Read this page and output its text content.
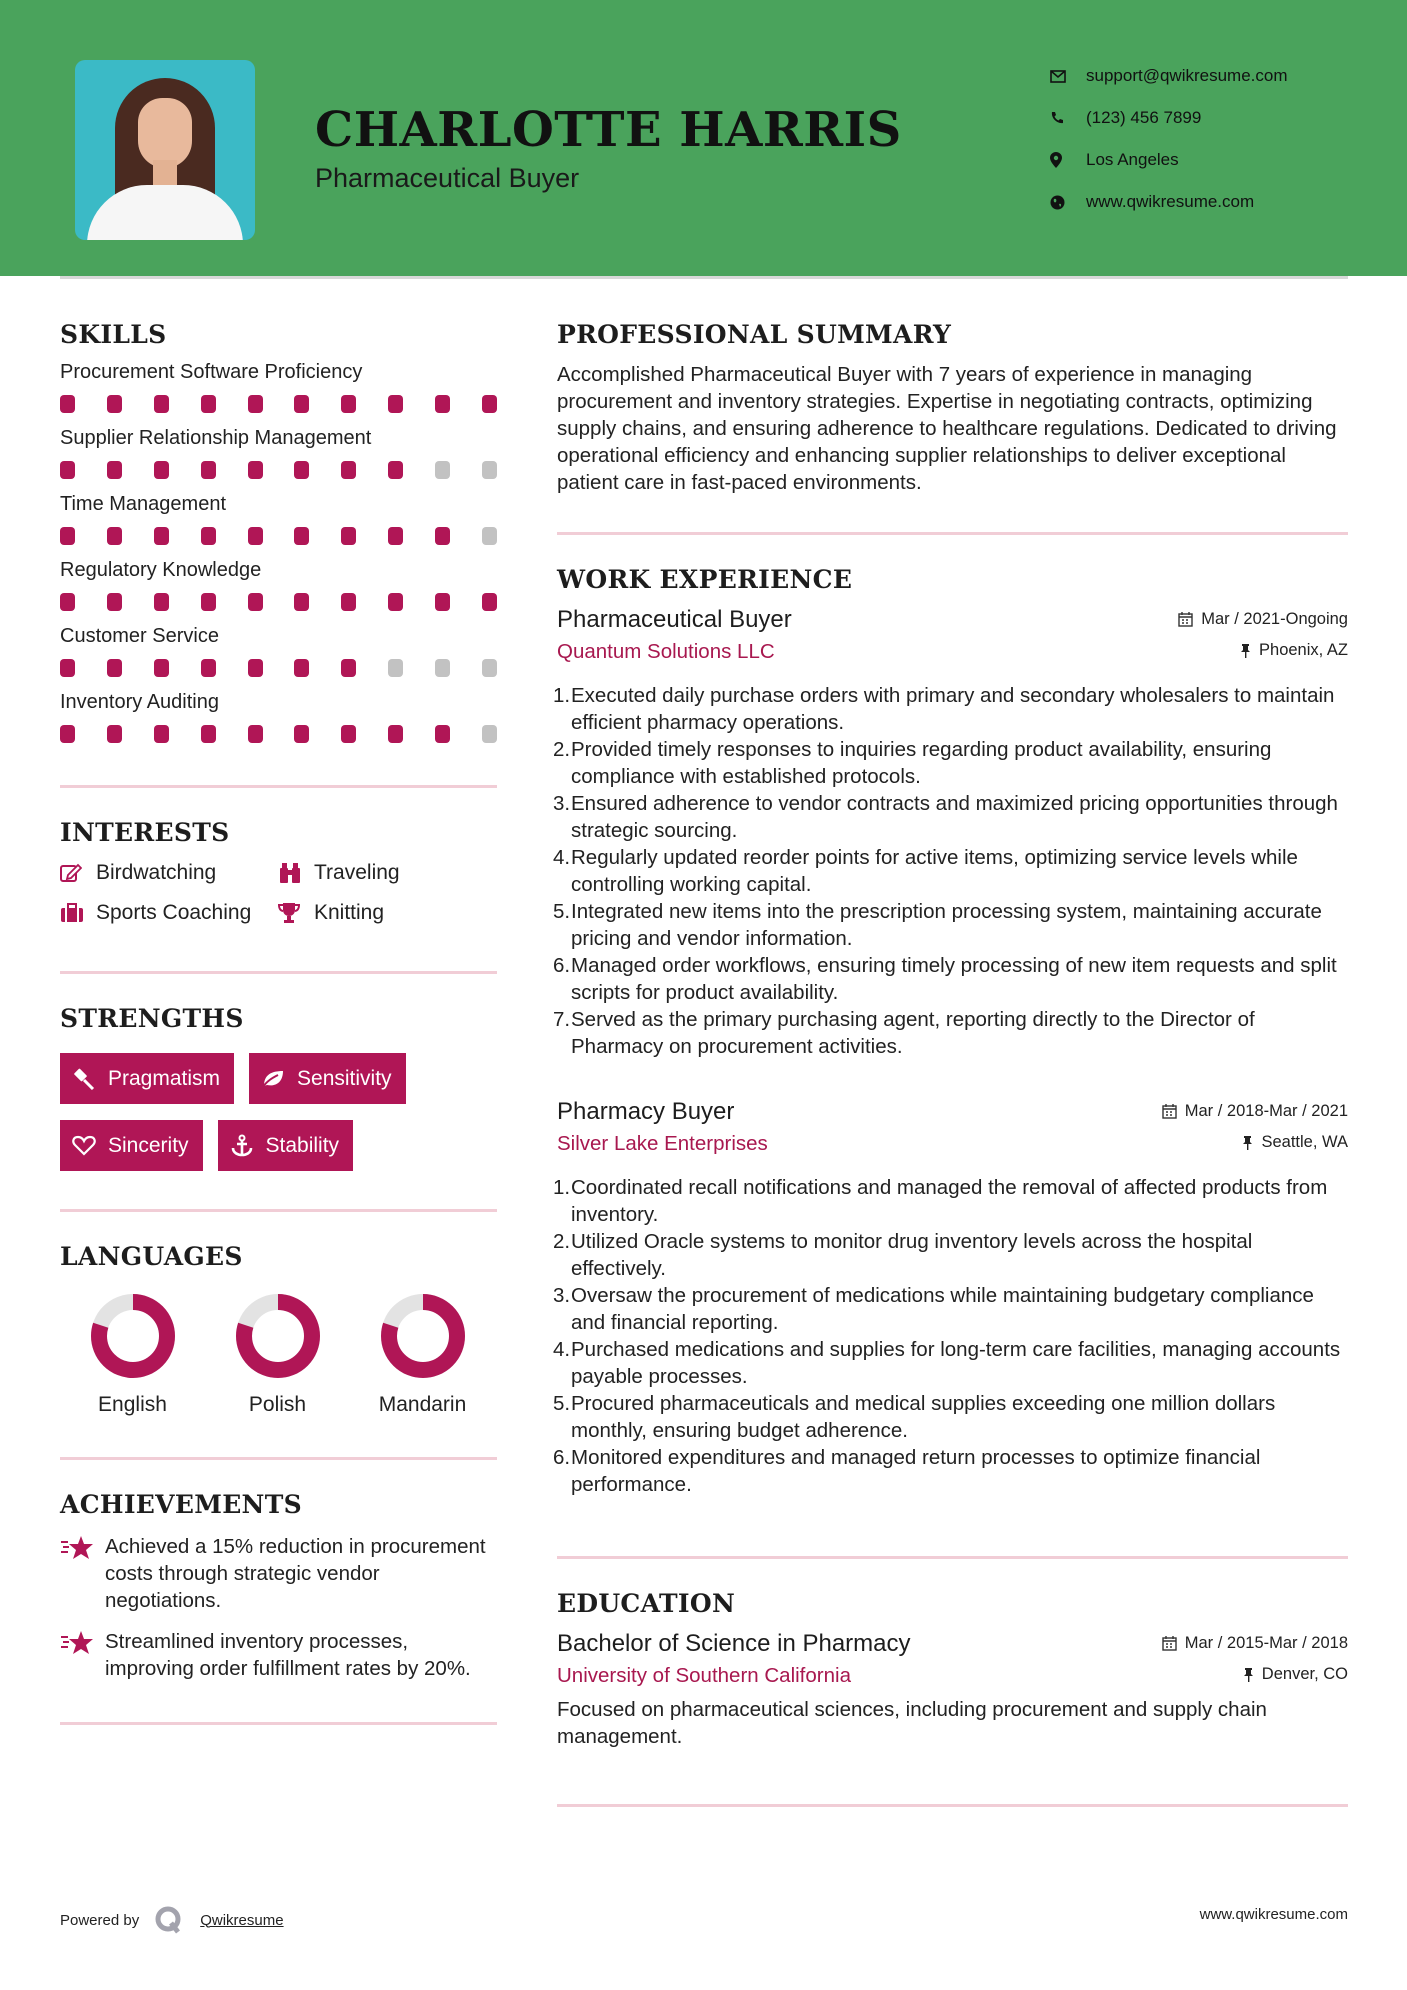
CHARLOTTE HARRIS
Pharmaceutical Buyer
support@qwikresume.com
(123) 456 7899
Los Angeles
www.qwikresume.com
SKILLS
Procurement Software Proficiency
Supplier Relationship Management
Time Management
Regulatory Knowledge
Customer Service
Inventory Auditing
INTERESTS
Birdwatching	Traveling
Sports Coaching	Knitting
STRENGTHS
Pragmatism	Sensitivity
Sincerity	Stability
LANGUAGES
English	Polish	Mandarin
ACHIEVEMENTS
Achieved a 15% reduction in procurement costs through strategic vendor negotiations.
Streamlined inventory processes, improving order fulfillment rates by 20%.
PROFESSIONAL SUMMARY

Accomplished Pharmaceutical Buyer with 7 years of experience in managing procurement and inventory strategies. Expertise in negotiating contracts, optimizing supply chains, and ensuring adherence to healthcare regulations. Dedicated to driving operational efficiency and enhancing supplier relationships to deliver exceptional patient care in fast-paced environments.

WORK EXPERIENCE
Pharmaceutical Buyer	Mar / 2021-Ongoing
Quantum Solutions LLC	Phoenix, AZ
1. Executed daily purchase orders with primary and secondary wholesalers to maintain efficient pharmacy operations.
2. Provided timely responses to inquiries regarding product availability, ensuring compliance with established protocols.
3. Ensured adherence to vendor contracts and maximized pricing opportunities through strategic sourcing.
4. Regularly updated reorder points for active items, optimizing service levels while controlling working capital.
5. Integrated new items into the prescription processing system, maintaining accurate pricing and vendor information.
6. Managed order workflows, ensuring timely processing of new item requests and split scripts for product availability.
7. Served as the primary purchasing agent, reporting directly to the Director of Pharmacy on procurement activities.
Pharmacy Buyer	Mar / 2018-Mar / 2021
Silver Lake Enterprises	Seattle, WA
1. Coordinated recall notifications and managed the removal of affected products from inventory.
2. Utilized Oracle systems to monitor drug inventory levels across the hospital effectively.
3. Oversaw the procurement of medications while maintaining budgetary compliance and financial reporting.
4. Purchased medications and supplies for long-term care facilities, managing accounts payable processes.
5. Procured pharmaceuticals and medical supplies exceeding one million dollars monthly, ensuring budget adherence.
6. Monitored expenditures and managed return processes to optimize financial performance.
EDUCATION
Bachelor of Science in Pharmacy	Mar / 2015-Mar / 2018
University of Southern California	Denver, CO

Focused on pharmaceutical sciences, including procurement and supply chain management.

Powered by	Qwikresume	www.qwikresume.com
